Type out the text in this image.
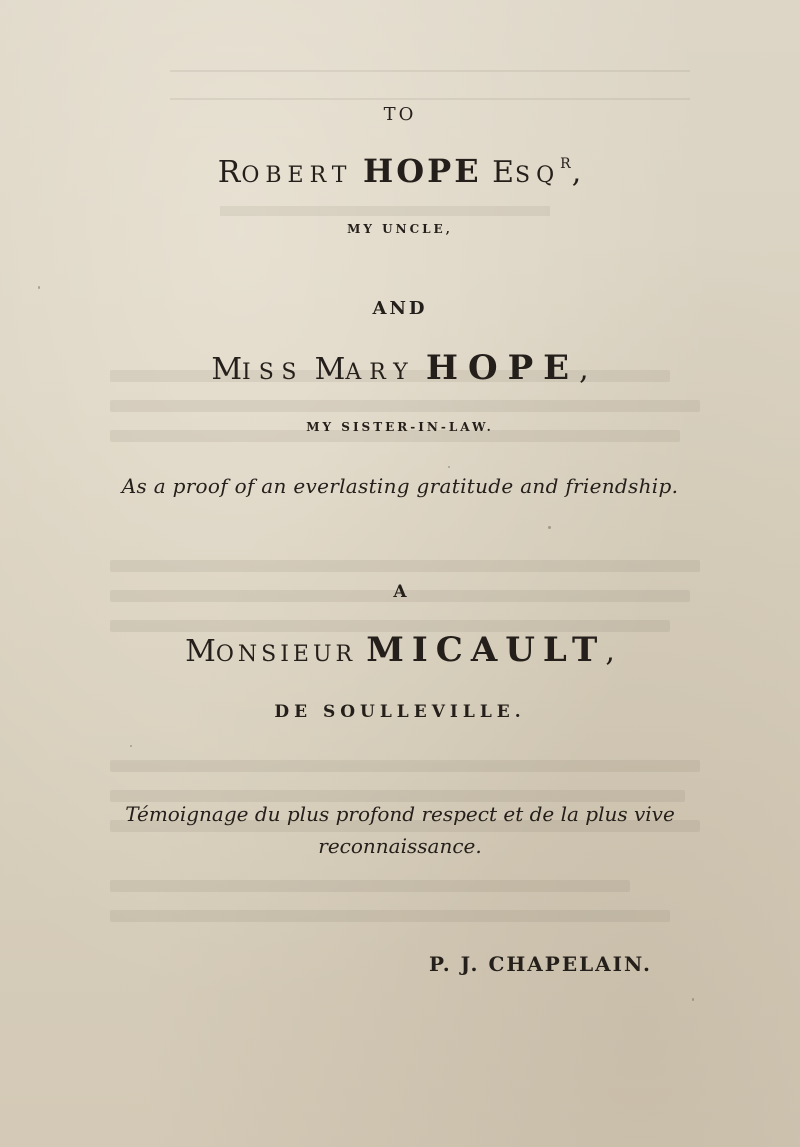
TO
ROBERT HOPE $ESQ^R$,
MY UNCLE,
AND
MISS MARY HOPE,
MY SISTER-IN-LAW.
As a proof of an everlasting gratitude and friendship.
A
MONSIEUR MICAULT,
DE SOULLEVILLE.
Témoignage du plus profond respect et de la plus vive
reconnaissance.
P. J. CHAPELAIN.
